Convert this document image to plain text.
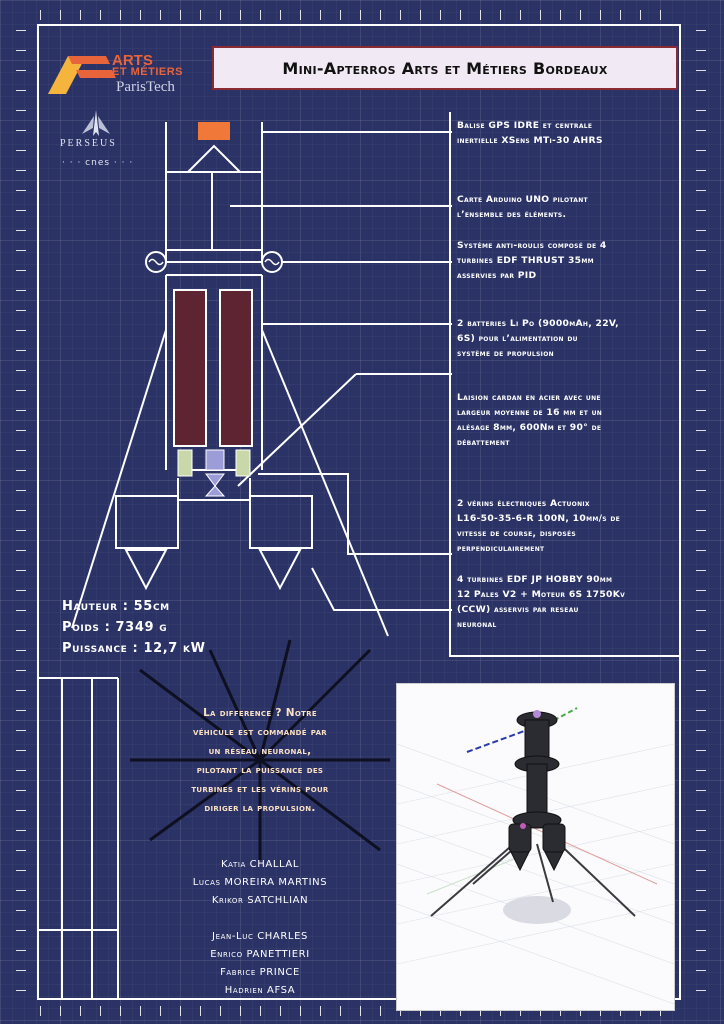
ARTS
ET MÉTIERS
ParisTech
PERSEUS
· · · cnes · · ·
Mini-Apterros Arts et Métiers Bordeaux
Balise GPS IDRE et centrale
inertielle XSens MTi-30 AHRS
Carte Arduino UNO pilotant
l’ensemble des éléments.
Système anti-roulis composé de 4
turbines EDF THRUST 35mm
asservies par PID
2 batteries Li Po (9000mAh, 22V,
6S) pour l’alimentation du
système de propulsion
Laision cardan en acier avec une
largeur moyenne de 16 mm et un
alésage 8mm, 600Nm et 90° de
débattement
2 vérins électriques Actuonix
L16-50-35-6-R 100N, 10mm/s de
vitesse de course, disposés
perpendiculairement
4 turbines EDF JP HOBBY 90mm
12 Pales V2 + Moteur 6S 1750Kv
(CCW) asservis par reseau
neuronal
Hauteur : 55cm
Poids : 7349 g
Puissance : 12,7 kW
La difference ? Notre
véhicule est commandé par
un réseau neuronal,
pilotant la puissance des
turbines et les vérins pour
diriger la propulsion.
Katia CHALLAL
Lucas MOREIRA MARTINS
Krikor SATCHLIAN
Jean-Luc CHARLES
Enrico PANETTIERI
Fabrice PRINCE
Hadrien AFSA
